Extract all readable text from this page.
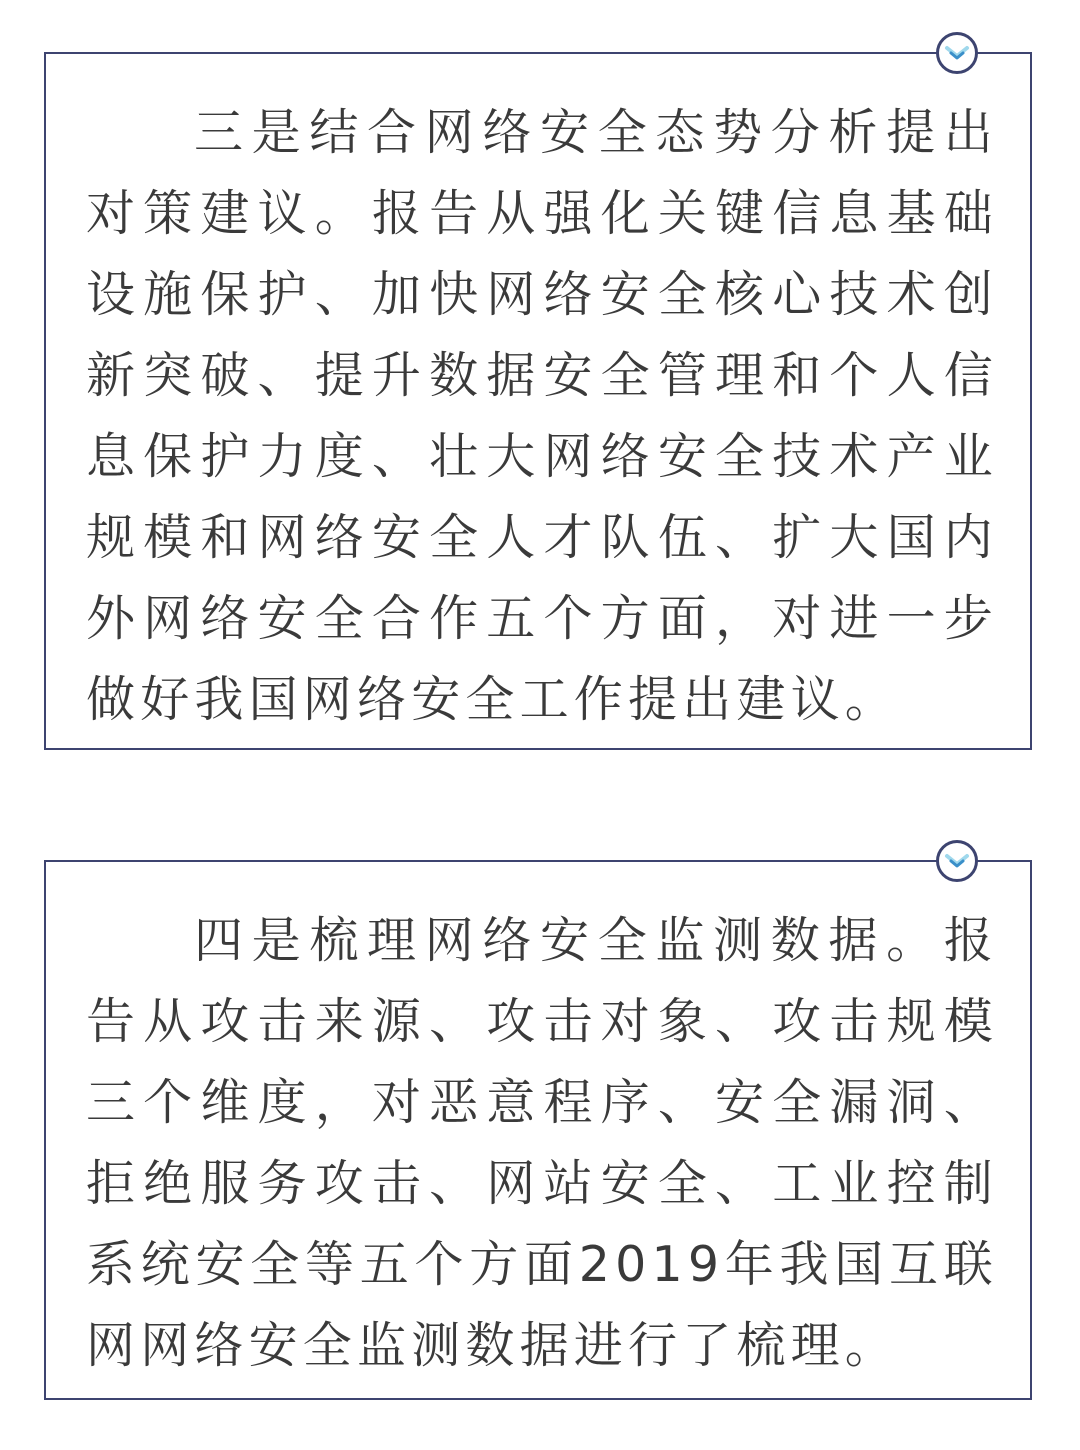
三是结合网络安全态势分析提出对策建议。报告从强化关键信息基础设施保护、加快网络安全核心技术创新突破、提升数据安全管理和个人信息保护力度、壮大网络安全技术产业规模和网络安全人才队伍、扩大国内外网络安全合作五个方面，对进一步做好我国网络安全工作提出建议。

四是梳理网络安全监测数据。报告从攻击来源、攻击对象、攻击规模三个维度，对恶意程序、安全漏洞、拒绝服务攻击、网站安全、工业控制系统安全等五个方面2019年我国互联网网络安全监测数据进行了梳理。
